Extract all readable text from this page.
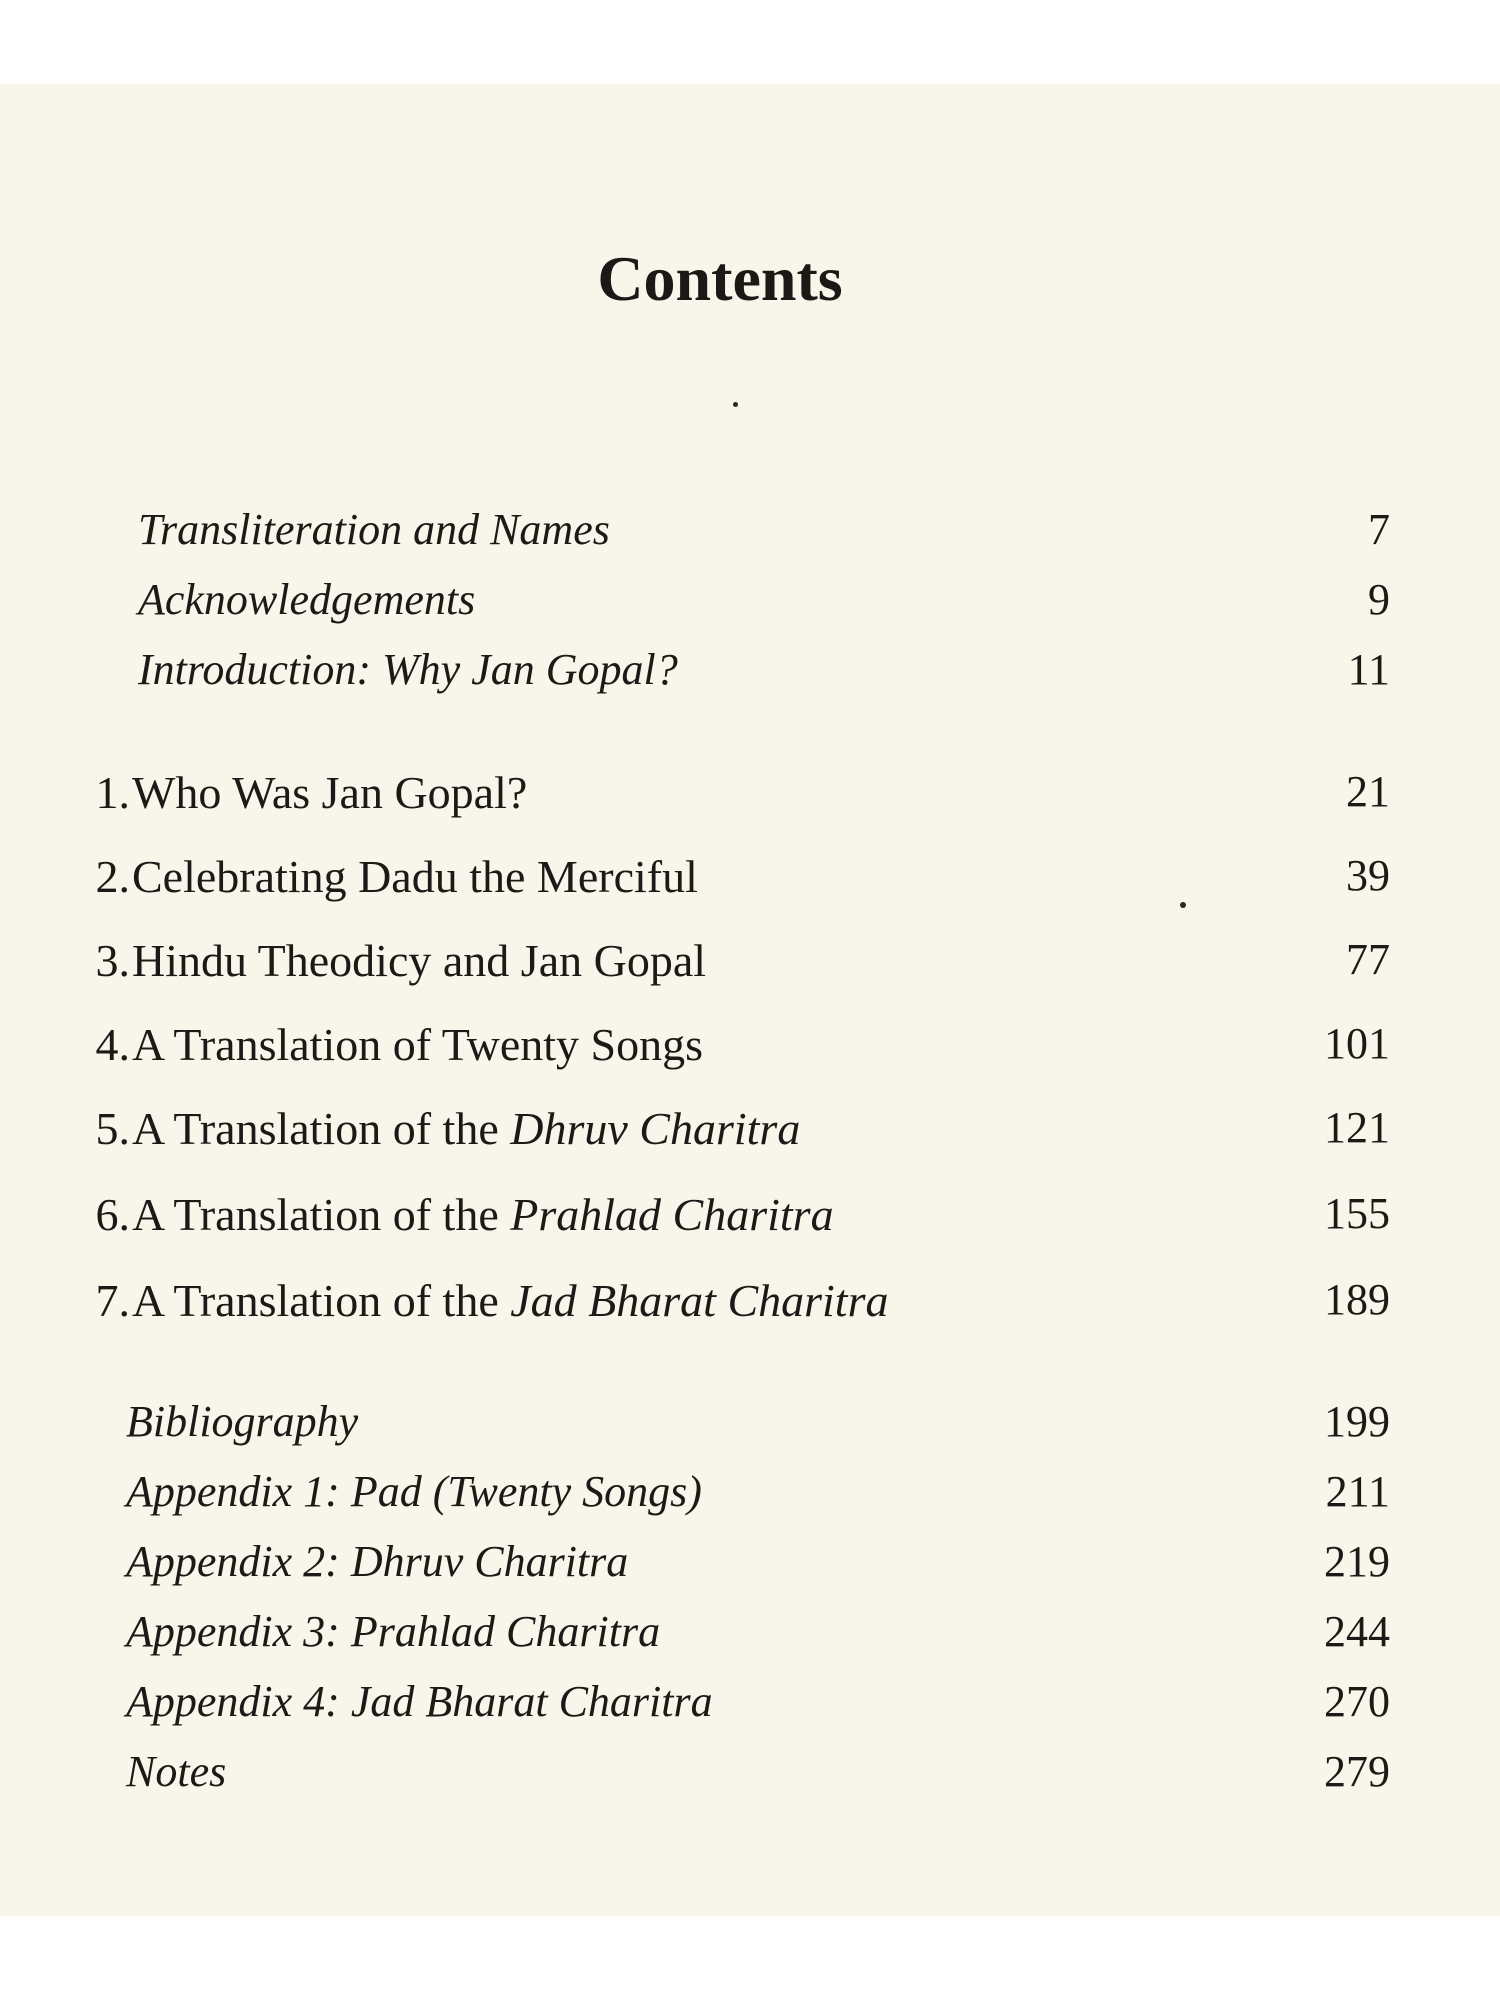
Contents
Transliteration and Names	7
Acknowledgements	9
Introduction: Why Jan Gopal?	11
1. Who Was Jan Gopal?	21
2. Celebrating Dadu the Merciful	39
3. Hindu Theodicy and Jan Gopal	77
4. A Translation of Twenty Songs	101
5. A Translation of the Dhruv Charitra	121
6. A Translation of the Prahlad Charitra	155
7. A Translation of the Jad Bharat Charitra	189
Bibliography	199
Appendix 1: Pad (Twenty Songs)	211
Appendix 2: Dhruv Charitra	219
Appendix 3: Prahlad Charitra	244
Appendix 4: Jad Bharat Charitra	270
Notes	279
